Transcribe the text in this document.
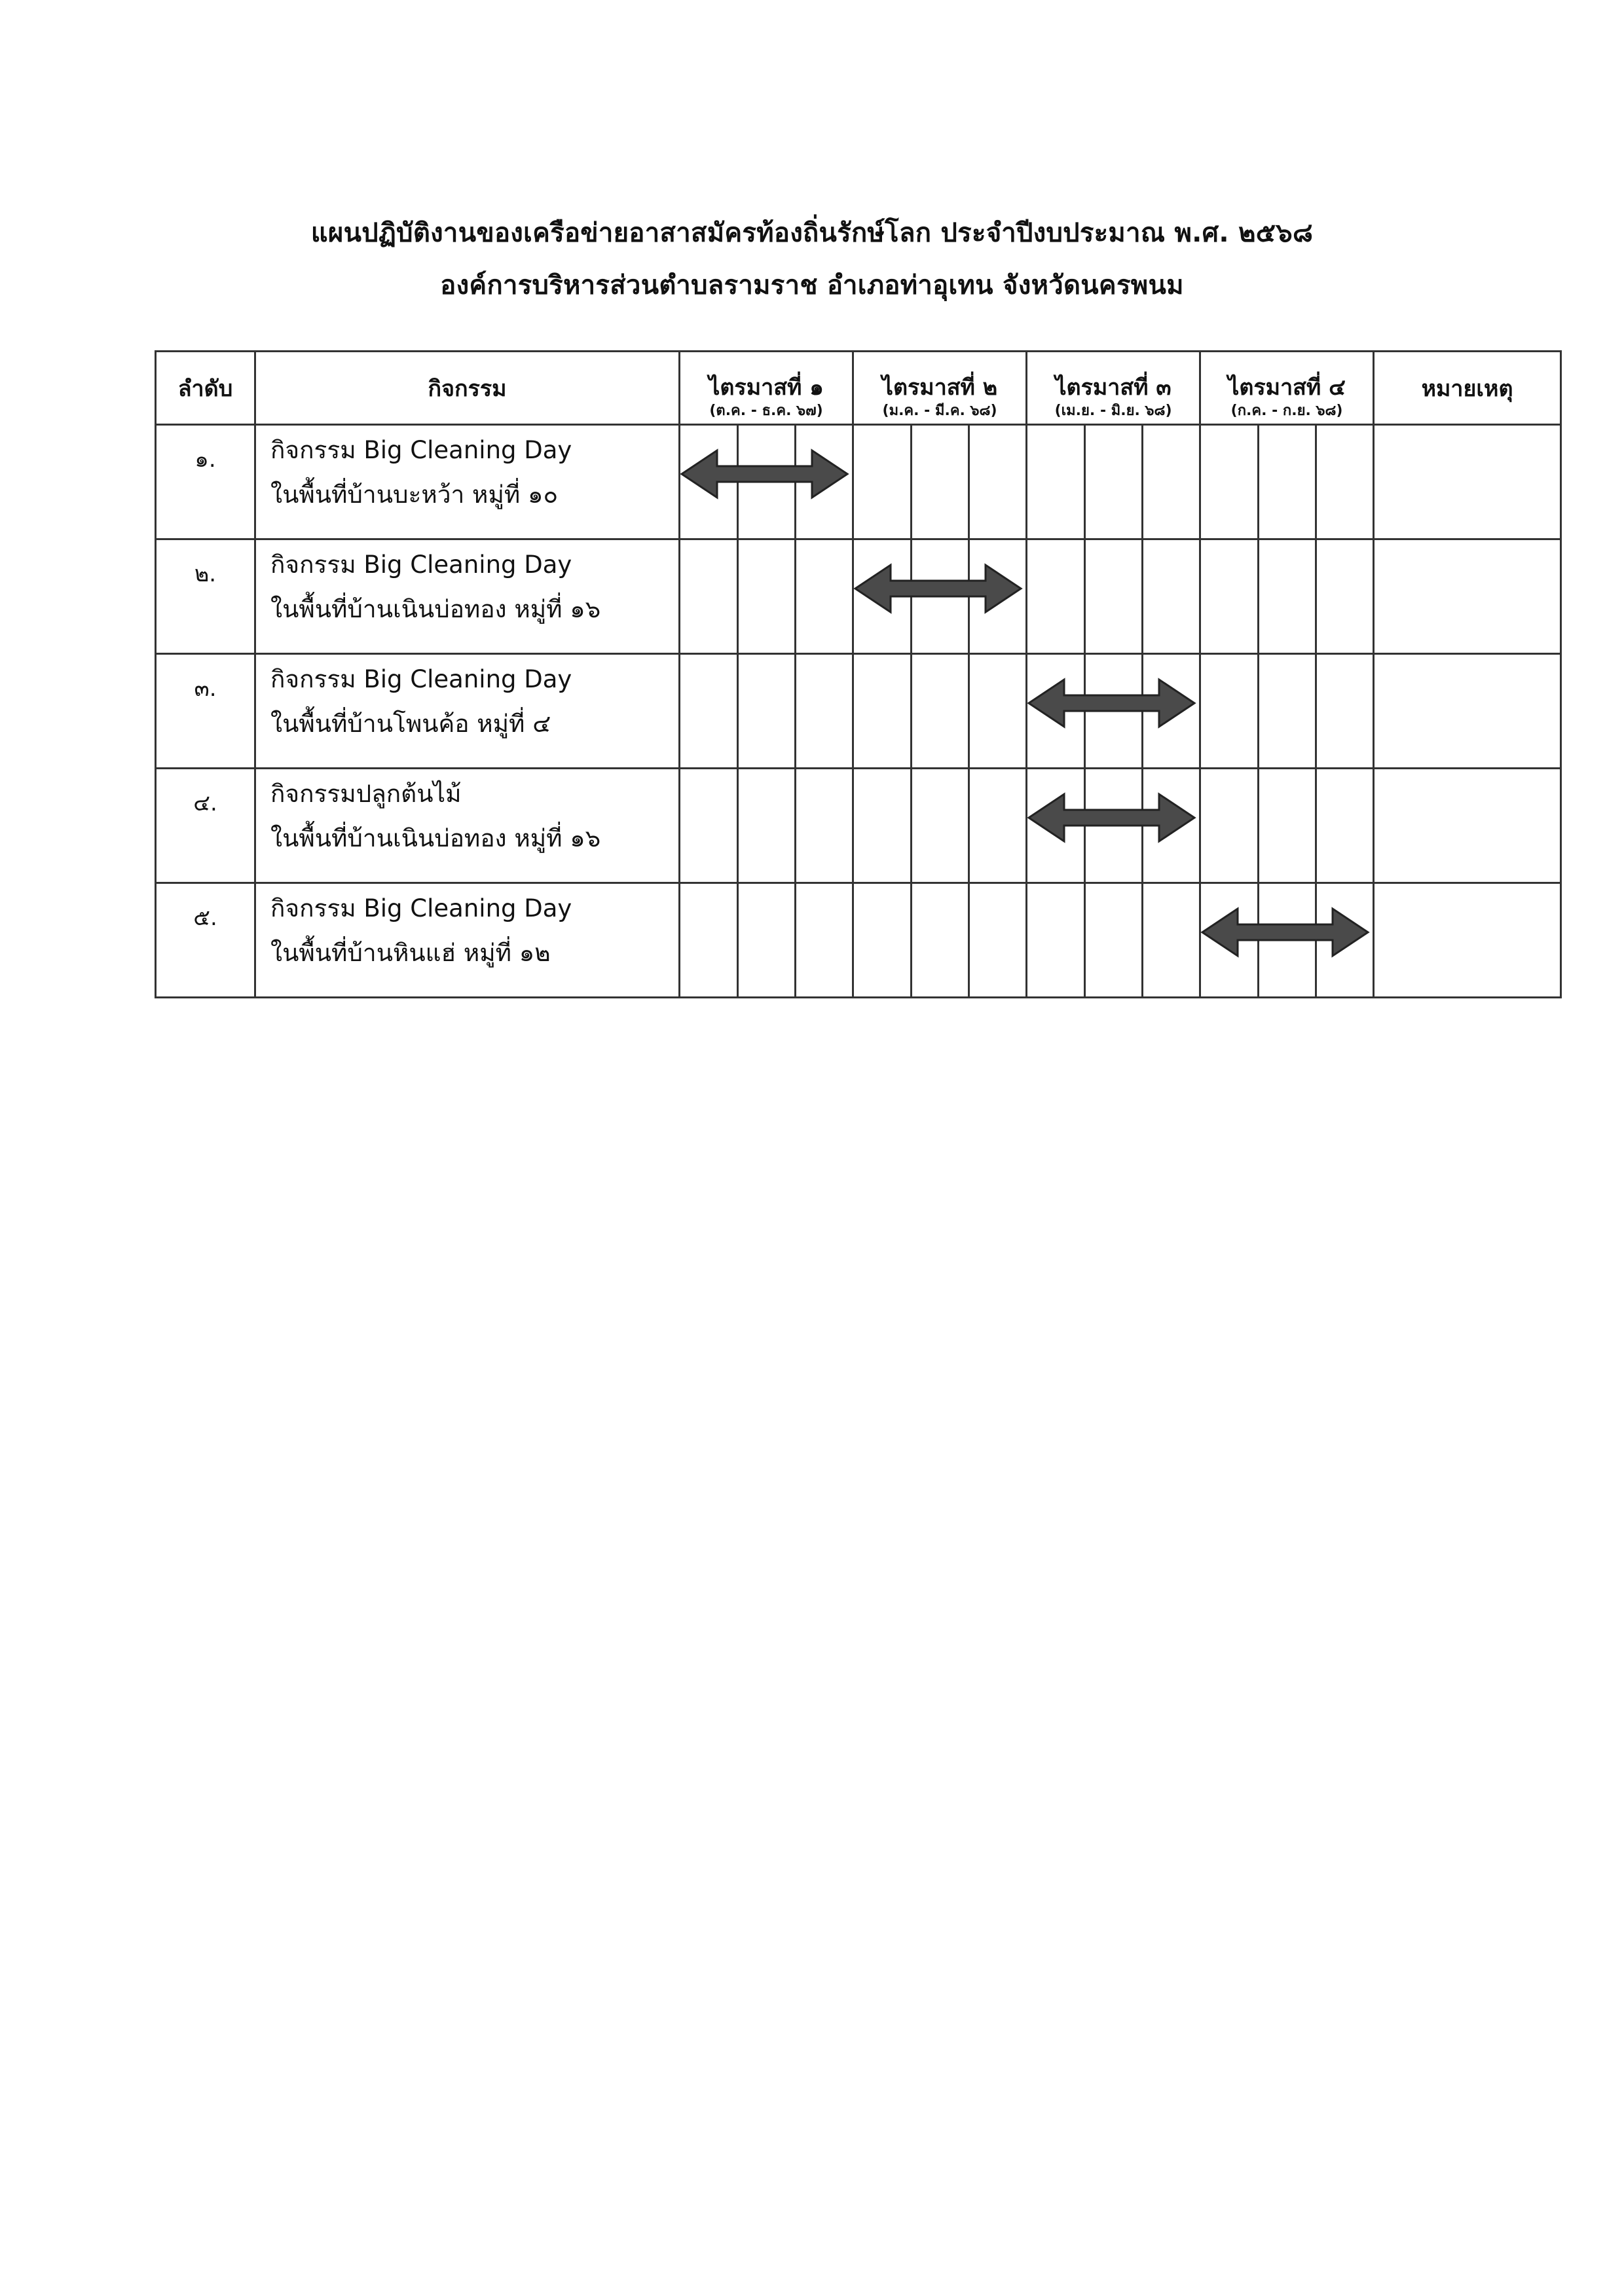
แผนปฏิบัติงานของเครือข่ายอาสาสมัครท้องถิ่นรักษ์โลก ประจำปีงบประมาณ พ.ศ. ๒๕๖๘
องค์การบริหารส่วนตำบลรามราช อำเภอท่าอุเทน จังหวัดนครพนม
ลำดับ	กิจกรรม	ไตรมาสที่ ๑			ไตรมาสที่ ๒			ไตรมาสที่ ๓			ไตรมาสที่ ๔			หมายเหตุ
		(ต.ค. - ธ.ค. ๖๗)			(ม.ค. - มี.ค. ๖๘)			(เม.ย. - มิ.ย. ๖๘)			(ก.ค. - ก.ย. ๖๘)			
๑.	กิจกรรม Big Cleaning Day
ในพื้นที่บ้านบะหว้า หมู่ที่ ๑๐

๒.	กิจกรรม Big Cleaning Day
ในพื้นที่บ้านเนินบ่อทอง หมู่ที่ ๑๖

๓.	กิจกรรม Big Cleaning Day
ในพื้นที่บ้านโพนค้อ หมู่ที่ ๔

๔.	กิจกรรมปลูกต้นไม้
ในพื้นที่บ้านเนินบ่อทอง หมู่ที่ ๑๖

๕.	กิจกรรม Big Cleaning Day
ในพื้นที่บ้านหินแฮ่ หมู่ที่ ๑๒
